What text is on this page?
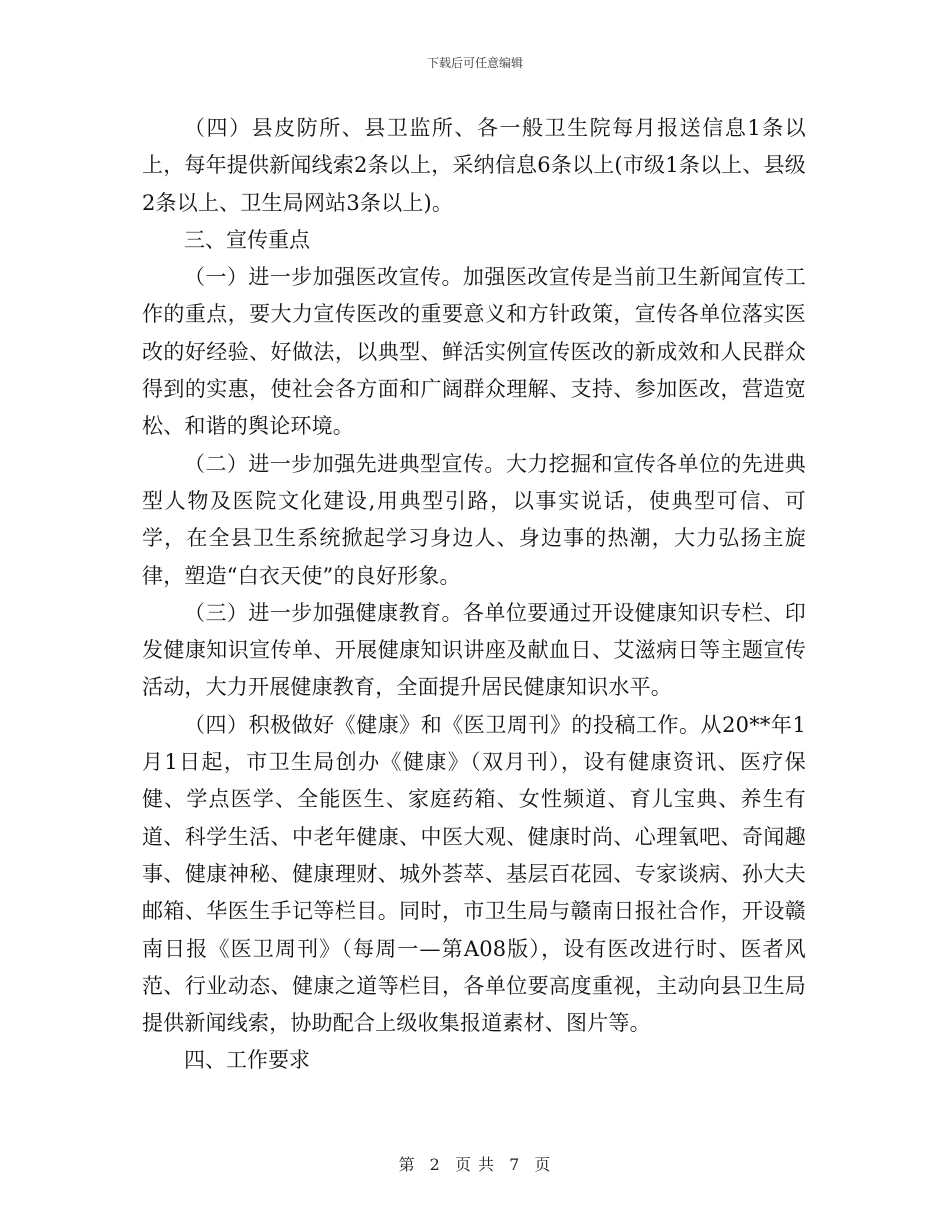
下载后可任意编辑

（四）县皮防所、县卫监所、各一般卫生院每月报送信息1条以上，每年提供新闻线索2条以上，采纳信息6条以上(市级1条以上、县级2条以上、卫生局网站3条以上)。

三、宣传重点

（一）进一步加强医改宣传。加强医改宣传是当前卫生新闻宣传工作的重点，要大力宣传医改的重要意义和方针政策，宣传各单位落实医改的好经验、好做法，以典型、鲜活实例宣传医改的新成效和人民群众得到的实惠，使社会各方面和广阔群众理解、支持、参加医改，营造宽松、和谐的舆论环境。

（二）进一步加强先进典型宣传。大力挖掘和宣传各单位的先进典型人物及医院文化建设,用典型引路，以事实说话，使典型可信、可学，在全县卫生系统掀起学习身边人、身边事的热潮，大力弘扬主旋律，塑造“白衣天使”的良好形象。

（三）进一步加强健康教育。各单位要通过开设健康知识专栏、印发健康知识宣传单、开展健康知识讲座及献血日、艾滋病日等主题宣传活动，大力开展健康教育，全面提升居民健康知识水平。

（四）积极做好《健康》和《医卫周刊》的投稿工作。从20**年1月1日起，市卫生局创办《健康》（双月刊），设有健康资讯、医疗保健、学点医学、全能医生、家庭药箱、女性频道、育儿宝典、养生有道、科学生活、中老年健康、中医大观、健康时尚、心理氧吧、奇闻趣事、健康神秘、健康理财、城外荟萃、基层百花园、专家谈病、孙大夫邮箱、华医生手记等栏目。同时，市卫生局与赣南日报社合作，开设赣南日报《医卫周刊》（每周一—第A08版），设有医改进行时、医者风范、行业动态、健康之道等栏目，各单位要高度重视，主动向县卫生局提供新闻线索，协助配合上级收集报道素材、图片等。

四、工作要求

第 2 页 共 7 页
